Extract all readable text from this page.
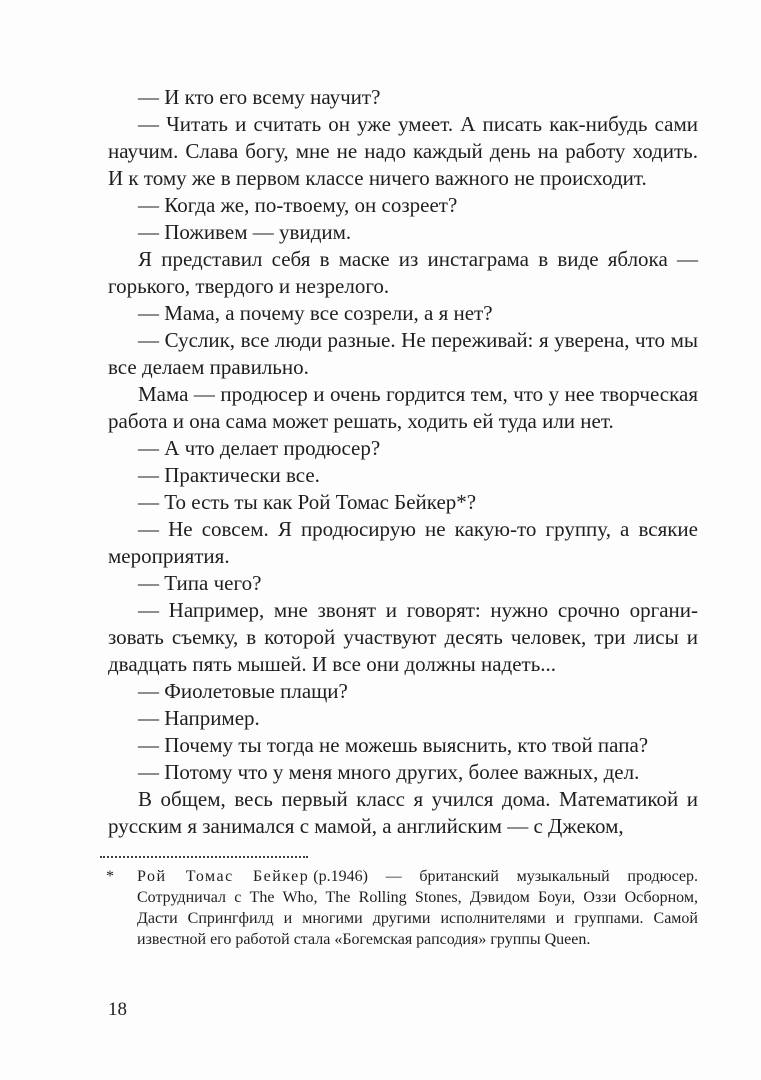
— И кто его всему научит?

— Читать и считать он уже умеет. А писать как-нибудь сами научим. Слава богу, мне не надо каждый день на работу ходить. И к тому же в первом классе ничего важного не происходит.

— Когда же, по-твоему, он созреет?

— Поживем — увидим.

Я представил себя в маске из инстаграма в виде яблока — горького, твердого и незрелого.

— Мама, а почему все созрели, а я нет?

— Суслик, все люди разные. Не переживай: я уверена, что мы все делаем правильно.

Мама — продюсер и очень гордится тем, что у нее творческая работа и она сама может решать, ходить ей туда или нет.

— А что делает продюсер?

— Практически все.

— То есть ты как Рой Томас Бейкер*?

— Не совсем. Я продюсирую не какую-то группу, а всякие мероприятия.

— Типа чего?

— Например, мне звонят и говорят: нужно срочно организовать съемку, в которой участвуют десять человек, три лисы и двадцать пять мышей. И все они должны надеть...

— Фиолетовые плащи?

— Например.

— Почему ты тогда не можешь выяснить, кто твой папа?

— Потому что у меня много других, более важных, дел.

В общем, весь первый класс я учился дома. Математикой и русским я занимался с мамой, а английским — с Джеком,

*	Рой Томас Бейкер (р.1946) — британский музыкальный продюсер. Сотрудничал с The Who, The Rolling Stones, Дэвидом Боуи, Оззи Осборном, Дасти Спрингфилд и многими другими исполнителями и группами. Самой известной его работой стала «Богемская рапсодия» группы Queen.
18
